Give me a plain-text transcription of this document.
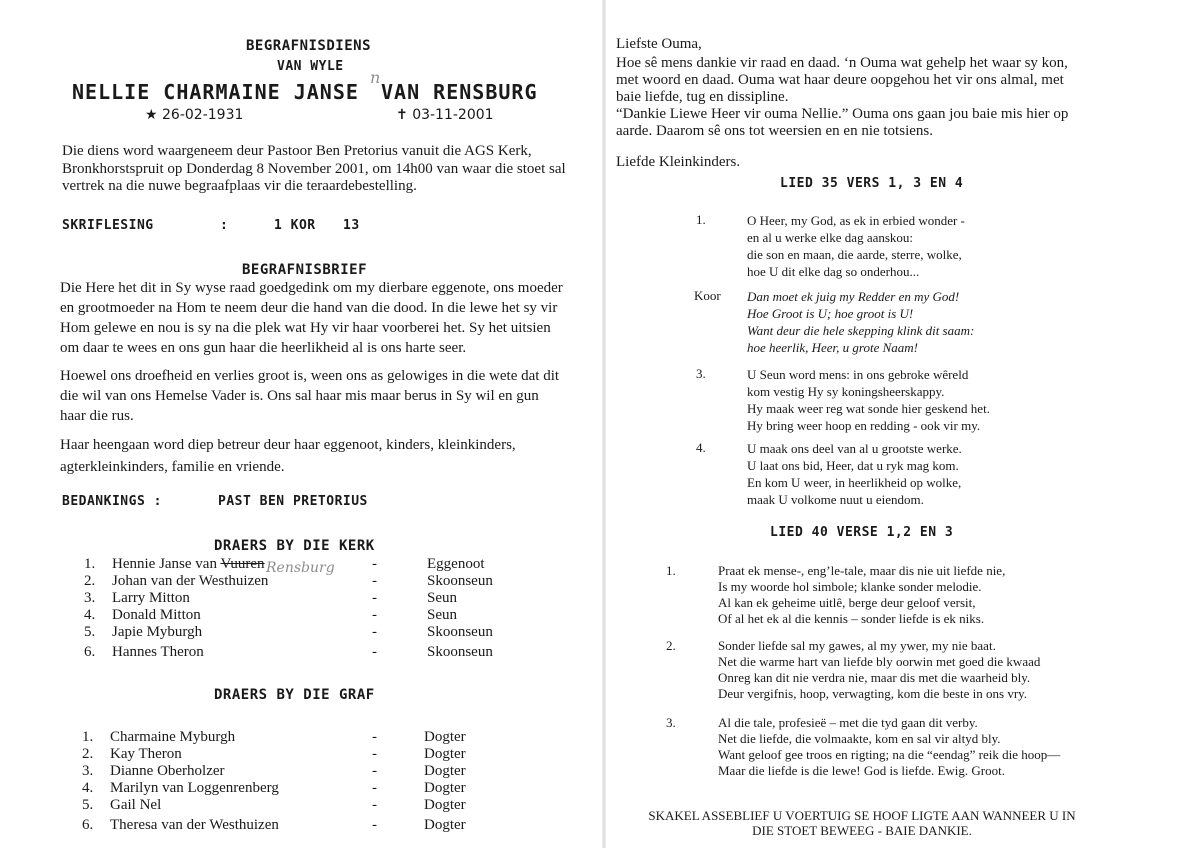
BEGRAFNISDIENS
VAN WYLE
n
NELLIE CHARMAINE JANSE VAN RENSBURG
★ 26-02-1931	✝ 03-11-2001
Die diens word waargeneem deur Pastoor Ben Pretorius vanuit die AGS Kerk,
Bronkhorstspruit op Donderdag 8 November 2001, om 14h00 van waar die stoet sal
vertrek na die nuwe begraafplaas vir die teraardebestelling.
SKRIFLESING	:	1 KOR 13
BEGRAFNISBRIEF
Die Here het dit in Sy wyse raad goedgedink om my dierbare eggenote, ons moeder
en grootmoeder na Hom te neem deur die hand van die dood. In die lewe het sy vir
Hom gelewe en nou is sy na die plek wat Hy vir haar voorberei het. Sy het uitsien
om daar te wees en ons gun haar die heerlikheid al is ons harte seer.
Hoewel ons droefheid en verlies groot is, ween ons as gelowiges in die wete dat dit
die wil van ons Hemelse Vader is. Ons sal haar mis maar berus in Sy wil en gun
haar die rus.
Haar heengaan word diep betreur deur haar eggenoot, kinders, kleinkinders,
agterkleinkinders, familie en vriende.
BEDANKINGS :	PAST BEN PRETORIUS
DRAERS BY DIE KERK
Rensburg
1. Hennie Janse van Vuuren	-	Eggenoot
2. Johan van der Westhuizen	-	Skoonseun
3. Larry Mitton	-	Seun
4. Donald Mitton	-	Seun
5. Japie Myburgh	-	Skoonseun
6. Hannes Theron	-	Skoonseun
DRAERS BY DIE GRAF
1. Charmaine Myburgh	-	Dogter
2. Kay Theron	-	Dogter
3. Dianne Oberholzer	-	Dogter
4. Marilyn van Loggenrenberg	-	Dogter
5. Gail Nel	-	Dogter
6. Theresa van der Westhuizen	-	Dogter
Liefste Ouma,
Hoe sê mens dankie vir raad en daad. ‘n Ouma wat gehelp het waar sy kon,
met woord en daad. Ouma wat haar deure oopgehou het vir ons almal, met
baie liefde, tug en dissipline.
“Dankie Liewe Heer vir ouma Nellie.” Ouma ons gaan jou baie mis hier op
aarde. Daarom sê ons tot weersien en en nie totsiens.
Liefde Kleinkinders.
LIED 35 VERS 1, 3 EN 4
1.	O Heer, my God, as ek in erbied wonder -
en al u werke elke dag aanskou:
die son en maan, die aarde, sterre, wolke,
hoe U dit elke dag so onderhou...
Koor Dan moet ek juig my Redder en my God!
Hoe Groot is U; hoe groot is U!
Want deur die hele skepping klink dit saam:
hoe heerlik, Heer, u grote Naam!
3.	U Seun word mens: in ons gebroke wêreld
kom vestig Hy sy koningsheerskappy.
Hy maak weer reg wat sonde hier geskend het.
Hy bring weer hoop en redding - ook vir my.
4.	U maak ons deel van al u grootste werke.
U laat ons bid, Heer, dat u ryk mag kom.
En kom U weer, in heerlikheid op wolke,
maak U volkome nuut u eiendom.
LIED 40 VERSE 1,2 EN 3
1.	Praat ek mense-, eng’le-tale, maar dis nie uit liefde nie,
Is my woorde hol simbole; klanke sonder melodie.
Al kan ek geheime uitlê, berge deur geloof versit,
Of al het ek al die kennis – sonder liefde is ek niks.
2.	Sonder liefde sal my gawes, al my ywer, my nie baat.
Net die warme hart van liefde bly oorwin met goed die kwaad
Onreg kan dit nie verdra nie, maar dis met die waarheid bly.
Deur vergifnis, hoop, verwagting, kom die beste in ons vry.
3.	Al die tale, profesieë – met die tyd gaan dit verby.
Net die liefde, die volmaakte, kom en sal vir altyd bly.
Want geloof gee troos en rigting; na die “eendag” reik die hoop—
Maar die liefde is die lewe! God is liefde. Ewig. Groot.
SKAKEL ASSEBLIEF U VOERTUIG SE HOOF LIGTE AAN WANNEER U IN
DIE STOET BEWEEG - BAIE DANKIE.
